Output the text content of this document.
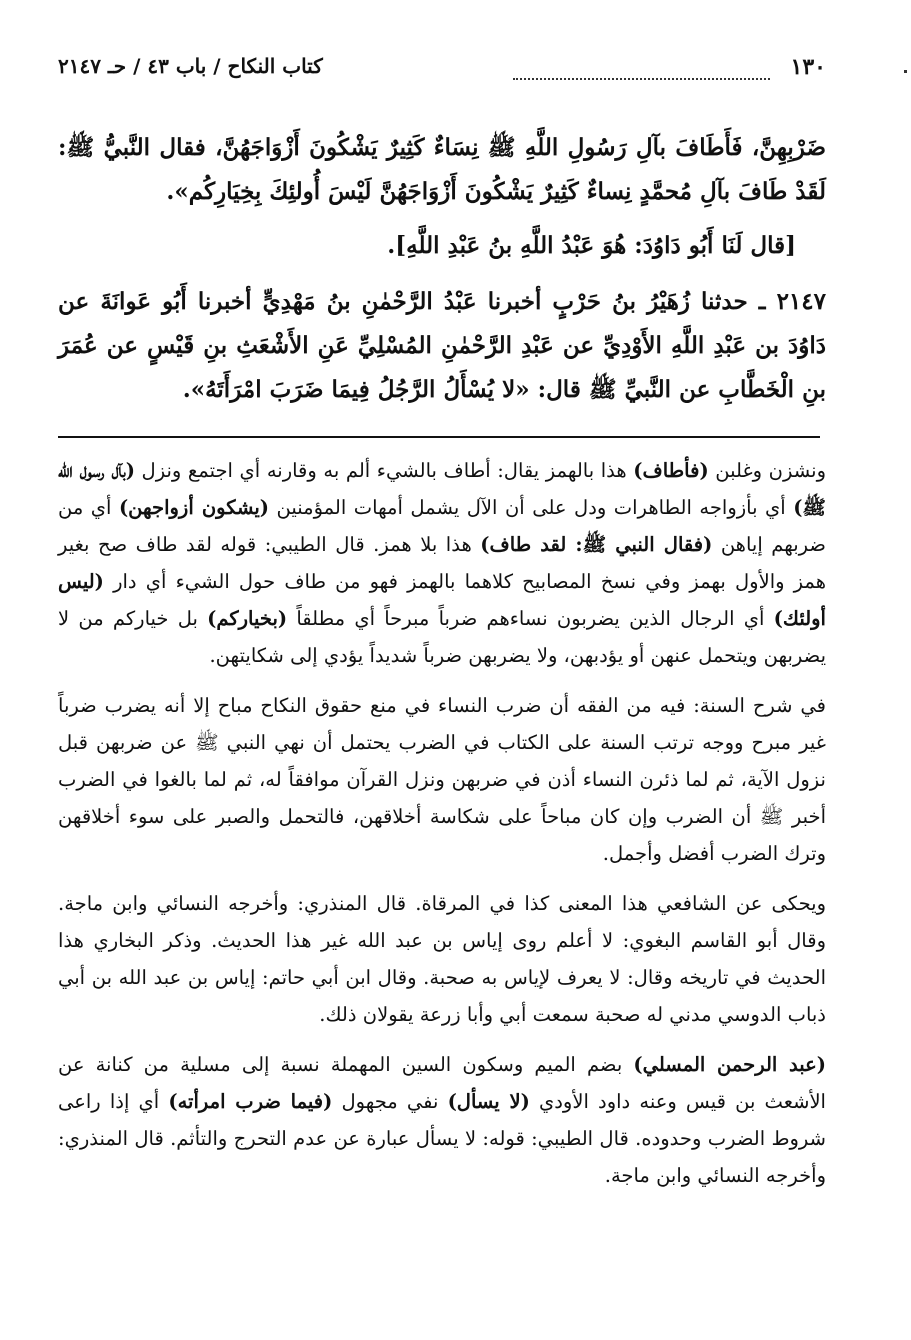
١٣٠
كتاب النكاح / باب ٤٣ / حـ ٢١٤٧

ضَرْبِهِنَّ، فَأَطَافَ بآلِ رَسُولِ اللَّهِ ﷺ نِسَاءٌ كَثِيرٌ يَشْكُونَ أَزْوَاجَهُنَّ، فقال النَّبيُّ ﷺ: لَقَدْ طَافَ بآلِ مُحمَّدٍ نِساءٌ كَثِيرٌ يَشْكُونَ أَزْوَاجَهُنَّ لَيْسَ أُولئِكَ بِخِيَارِكُم».

[قال لَنَا أَبُو دَاوُدَ: هُوَ عَبْدُ اللَّهِ بنُ عَبْدِ اللَّهِ].

٢١٤٧ ـ حدثنا زُهَيْرُ بنُ حَرْبٍ أخبرنا عَبْدُ الرَّحْمٰنِ بنُ مَهْدِيٍّ أخبرنا أَبُو عَوانَةَ عن دَاوُدَ بن عَبْدِ اللَّهِ الأَوْدِيِّ عن عَبْدِ الرَّحْمٰنِ المُسْلِيِّ عَنِ الأَشْعَثِ بنِ قَيْسٍ عن عُمَرَ بنِ الْخَطَّابِ عن النَّبيِّ ﷺ قال: «لا يُسْأَلُ الرَّجُلُ فِيمَا ضَرَبَ امْرَأَتَهُ».

ونشزن وغلبن (فأطاف) هذا بالهمز يقال: أطاف بالشيء ألم به وقارنه أي اجتمع ونزل (بآل رسول الله ﷺ) أي بأزواجه الطاهرات ودل على أن الآل يشمل أمهات المؤمنين (يشكون أزواجهن) أي من ضربهم إياهن (فقال النبي ﷺ: لقد طاف) هذا بلا همز. قال الطيبي: قوله لقد طاف صح بغير همز والأول بهمز وفي نسخ المصابيح كلاهما بالهمز فهو من طاف حول الشيء أي دار (ليس أولئك) أي الرجال الذين يضربون نساءهم ضرباً مبرحاً أي مطلقاً (بخياركم) بل خياركم من لا يضربهن ويتحمل عنهن أو يؤدبهن، ولا يضربهن ضرباً شديداً يؤدي إلى شكايتهن.

في شرح السنة: فيه من الفقه أن ضرب النساء في منع حقوق النكاح مباح إلا أنه يضرب ضرباً غير مبرح ووجه ترتب السنة على الكتاب في الضرب يحتمل أن نهي النبي ﷺ عن ضربهن قبل نزول الآية، ثم لما ذئرن النساء أذن في ضربهن ونزل القرآن موافقاً له، ثم لما بالغوا في الضرب أخبر ﷺ أن الضرب وإن كان مباحاً على شكاسة أخلاقهن، فالتحمل والصبر على سوء أخلاقهن وترك الضرب أفضل وأجمل.

ويحكى عن الشافعي هذا المعنى كذا في المرقاة. قال المنذري: وأخرجه النسائي وابن ماجة. وقال أبو القاسم البغوي: لا أعلم روى إياس بن عبد الله غير هذا الحديث. وذكر البخاري هذا الحديث في تاريخه وقال: لا يعرف لإياس به صحبة. وقال ابن أبي حاتم: إياس بن عبد الله بن أبي ذباب الدوسي مدني له صحبة سمعت أبي وأبا زرعة يقولان ذلك.

(عبد الرحمن المسلي) بضم الميم وسكون السين المهملة نسبة إلى مسلية من كنانة عن الأشعث بن قيس وعنه داود الأودي (لا يسأل) نفي مجهول (فيما ضرب امرأته) أي إذا راعى شروط الضرب وحدوده. قال الطيبي: قوله: لا يسأل عبارة عن عدم التحرج والتأثم. قال المنذري: وأخرجه النسائي وابن ماجة.
